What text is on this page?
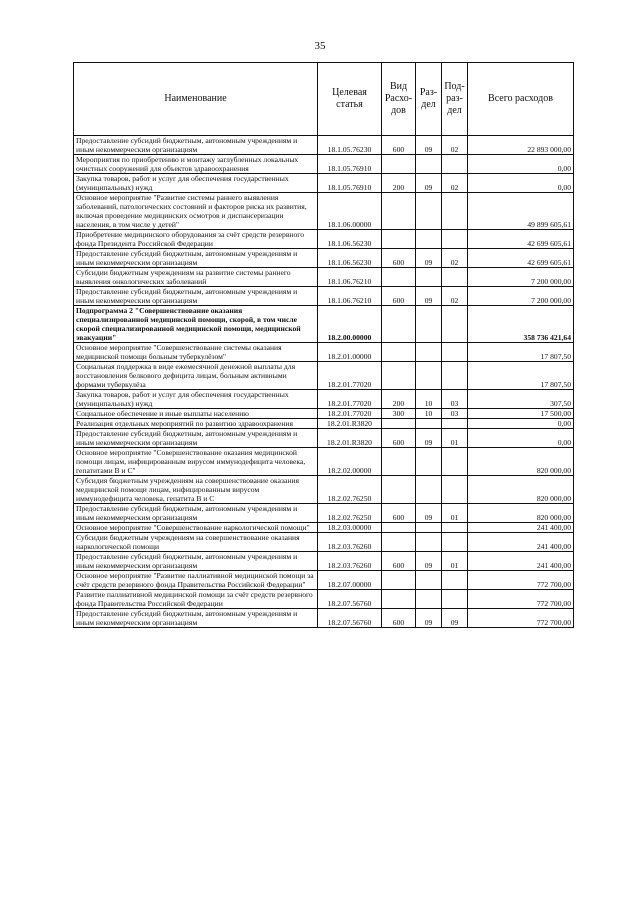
35
Наименование	Целевая статья	Вид Расхо-дов	Раз-дел	Под-раз-дел	Всего расходов
Предоставление субсидий бюджетным, автономным учреждениям и иным некоммерческим организациям	18.1.05.76230	600	09	02	22 893 000,00
Мероприятия по приобретению и монтажу заглубленных локальных очистных сооружений для объектов здравоохранения	18.1.05.76910				0,00
Закупка товаров, работ и услуг для обеспечения государственных (муниципальных) нужд	18.1.05.76910	200	09	02	0,00
Основное мероприятие "Развитие системы раннего выявления заболеваний, патологических состояний и факторов риска их развития, включая проведение медицинских осмотров и диспансеризации населения, в том числе у детей"	18.1.06.00000				49 899 605,61
Приобретение медицинского оборудования за счёт средств резервного фонда Президента Российской Федерации	18.1.06.56230				42 699 605,61
Предоставление субсидий бюджетным, автономным учреждениям и иным некоммерческим организациям	18.1.06.56230	600	09	02	42 699 605,61
Субсидии бюджетным учреждениям на развитие системы раннего выявления онкологических заболеваний	18.1.06.76210				7 200 000,00
Предоставление субсидий бюджетным, автономным учреждениям и иным некоммерческим организациям	18.1.06.76210	600	09	02	7 200 000,00
Подпрограмма 2 "Совершенствование оказания специализированной медицинской помощи, скорой, в том числе скорой специализированной медицинской помощи, медицинской эвакуации"	18.2.00.00000				358 736 421,64
Основное мероприятие "Совершенствование системы оказания медицинской помощи больным туберкулёзом"	18.2.01.00000				17 807,50
Социальная поддержка в виде ежемесячной денежной выплаты для восстановления белкового дефицита лицам, больным активными формами туберкулёза	18.2.01.77020				17 807,50
Закупка товаров, работ и услуг для обеспечения государственных (муниципальных) нужд	18.2.01.77020	200	10	03	307,50
Социальное обеспечение и иные выплаты населению	18.2.01.77020	300	10	03	17 500,00
Реализация отдельных мероприятий по развитию здравоохранения	18.2.01.R3820				0,00
Предоставление субсидий бюджетным, автономным учреждениям и иным некоммерческим организациям	18.2.01.R3820	600	09	01	0,00
Основное мероприятие "Совершенствование оказания медицинской помощи лицам, инфицированным вирусом иммунодефицита человека, гепатитами В и С"	18.2.02.00000				820 000,00
Субсидия бюджетным учреждениям на совершенствование оказания медицинской помощи лицам, инфицированным вирусом иммунодефицита человека, гепатита В и С	18.2.02.76250				820 000,00
Предоставление субсидий бюджетным, автономным учреждениям и иным некоммерческим организациям	18.2.02.76250	600	09	01	820 000,00
Основное мероприятие "Совершенствование наркологической помощи"	18.2.03.00000				241 400,00
Субсидии бюджетным учреждениям на совершенствование оказания наркологической помощи	18.2.03.76260				241 400,00
Предоставление субсидий бюджетным, автономным учреждениям и иным некоммерческим организациям	18.2.03.76260	600	09	01	241 400,00
Основное мероприятие "Развитие паллиативной медицинской помощи за счёт средств резервного фонда Правительства Российской Федерации"	18.2.07.00000				772 700,00
Развитие паллиативной медицинской помощи за счёт средств резервного фонда Правительства Российской Федерации	18.2.07.56760				772 700,00
Предоставление субсидий бюджетным, автономным учреждениям и иным некоммерческим организациям	18.2.07.56760	600	09	09	772 700,00
